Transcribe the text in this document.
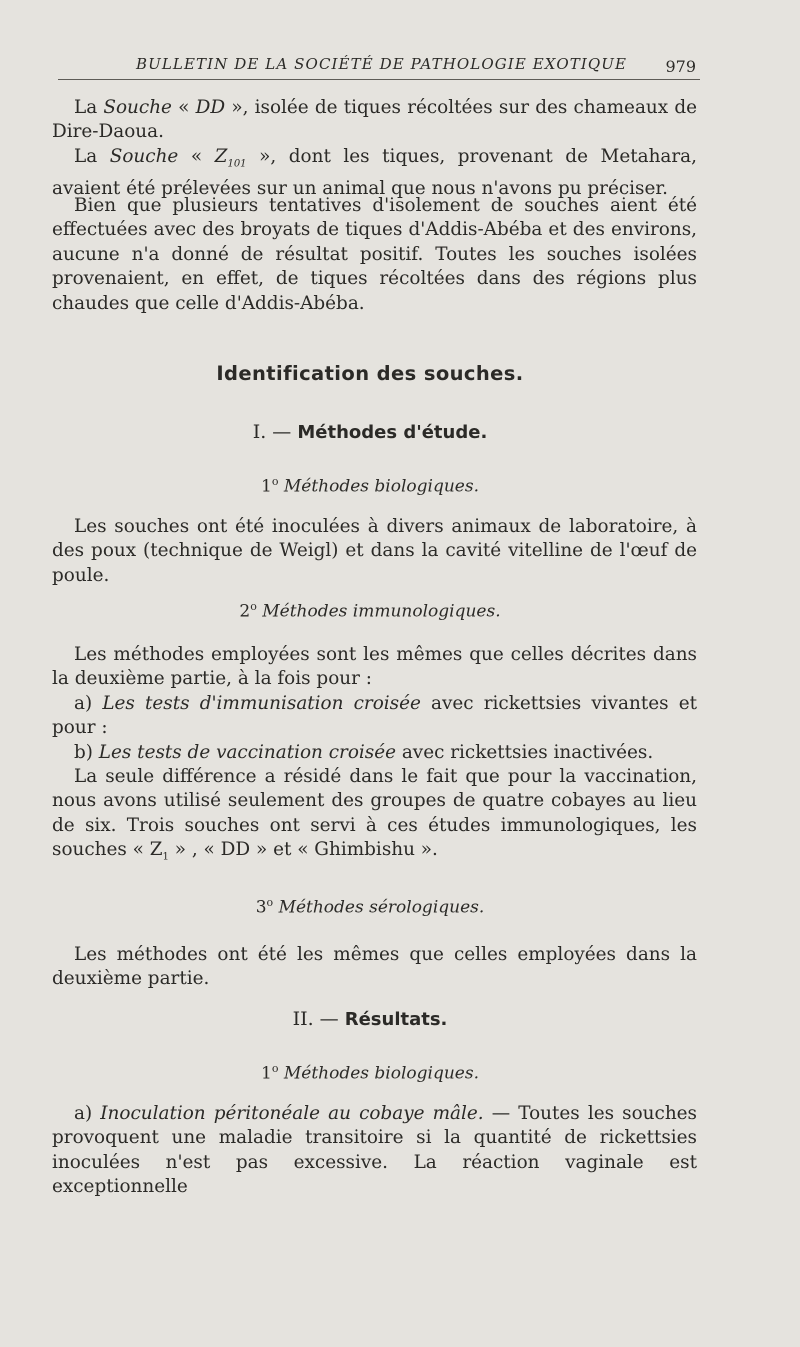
BULLETIN DE LA SOCIÉTÉ DE PATHOLOGIE EXOTIQUE 979

La Souche « DD », isolée de tiques récoltées sur des chameaux de Dire-Daoua.

La Souche « $Z_{101}$ », dont les tiques, provenant de Metahara, avaient été prélevées sur un animal que nous n'avons pu préciser.

Bien que plusieurs tentatives d'isolement de souches aient été effectuées avec des broyats de tiques d'Addis-Abéba et des environs, aucune n'a donné de résultat positif. Toutes les souches isolées provenaient, en effet, de tiques récoltées dans des régions plus chaudes que celle d'Addis-Abéba.

Identification des souches.
I. — Méthodes d'étude.
1$^o$ Méthodes biologiques.

Les souches ont été inoculées à divers animaux de laboratoire, à des poux (technique de Weigl) et dans la cavité vitelline de l'œuf de poule.

2$^o$ Méthodes immunologiques.

Les méthodes employées sont les mêmes que celles décrites dans la deuxième partie, à la fois pour :

a) Les tests d'immunisation croisée avec rickettsies vivantes et pour :

b) Les tests de vaccination croisée avec rickettsies inactivées.

La seule différence a résidé dans le fait que pour la vaccination, nous avons utilisé seulement des groupes de quatre cobayes au lieu de six. Trois souches ont servi à ces études immunologiques, les souches « $Z_1$ » , « DD » et « Ghimbishu ».

3$^o$ Méthodes sérologiques.

Les méthodes ont été les mêmes que celles employées dans la deuxième partie.

II. — Résultats.
1$^o$ Méthodes biologiques.

a) Inoculation péritonéale au cobaye mâle. — Toutes les souches provoquent une maladie transitoire si la quantité de rickettsies inoculées n'est pas excessive. La réaction vaginale est exceptionnelle
